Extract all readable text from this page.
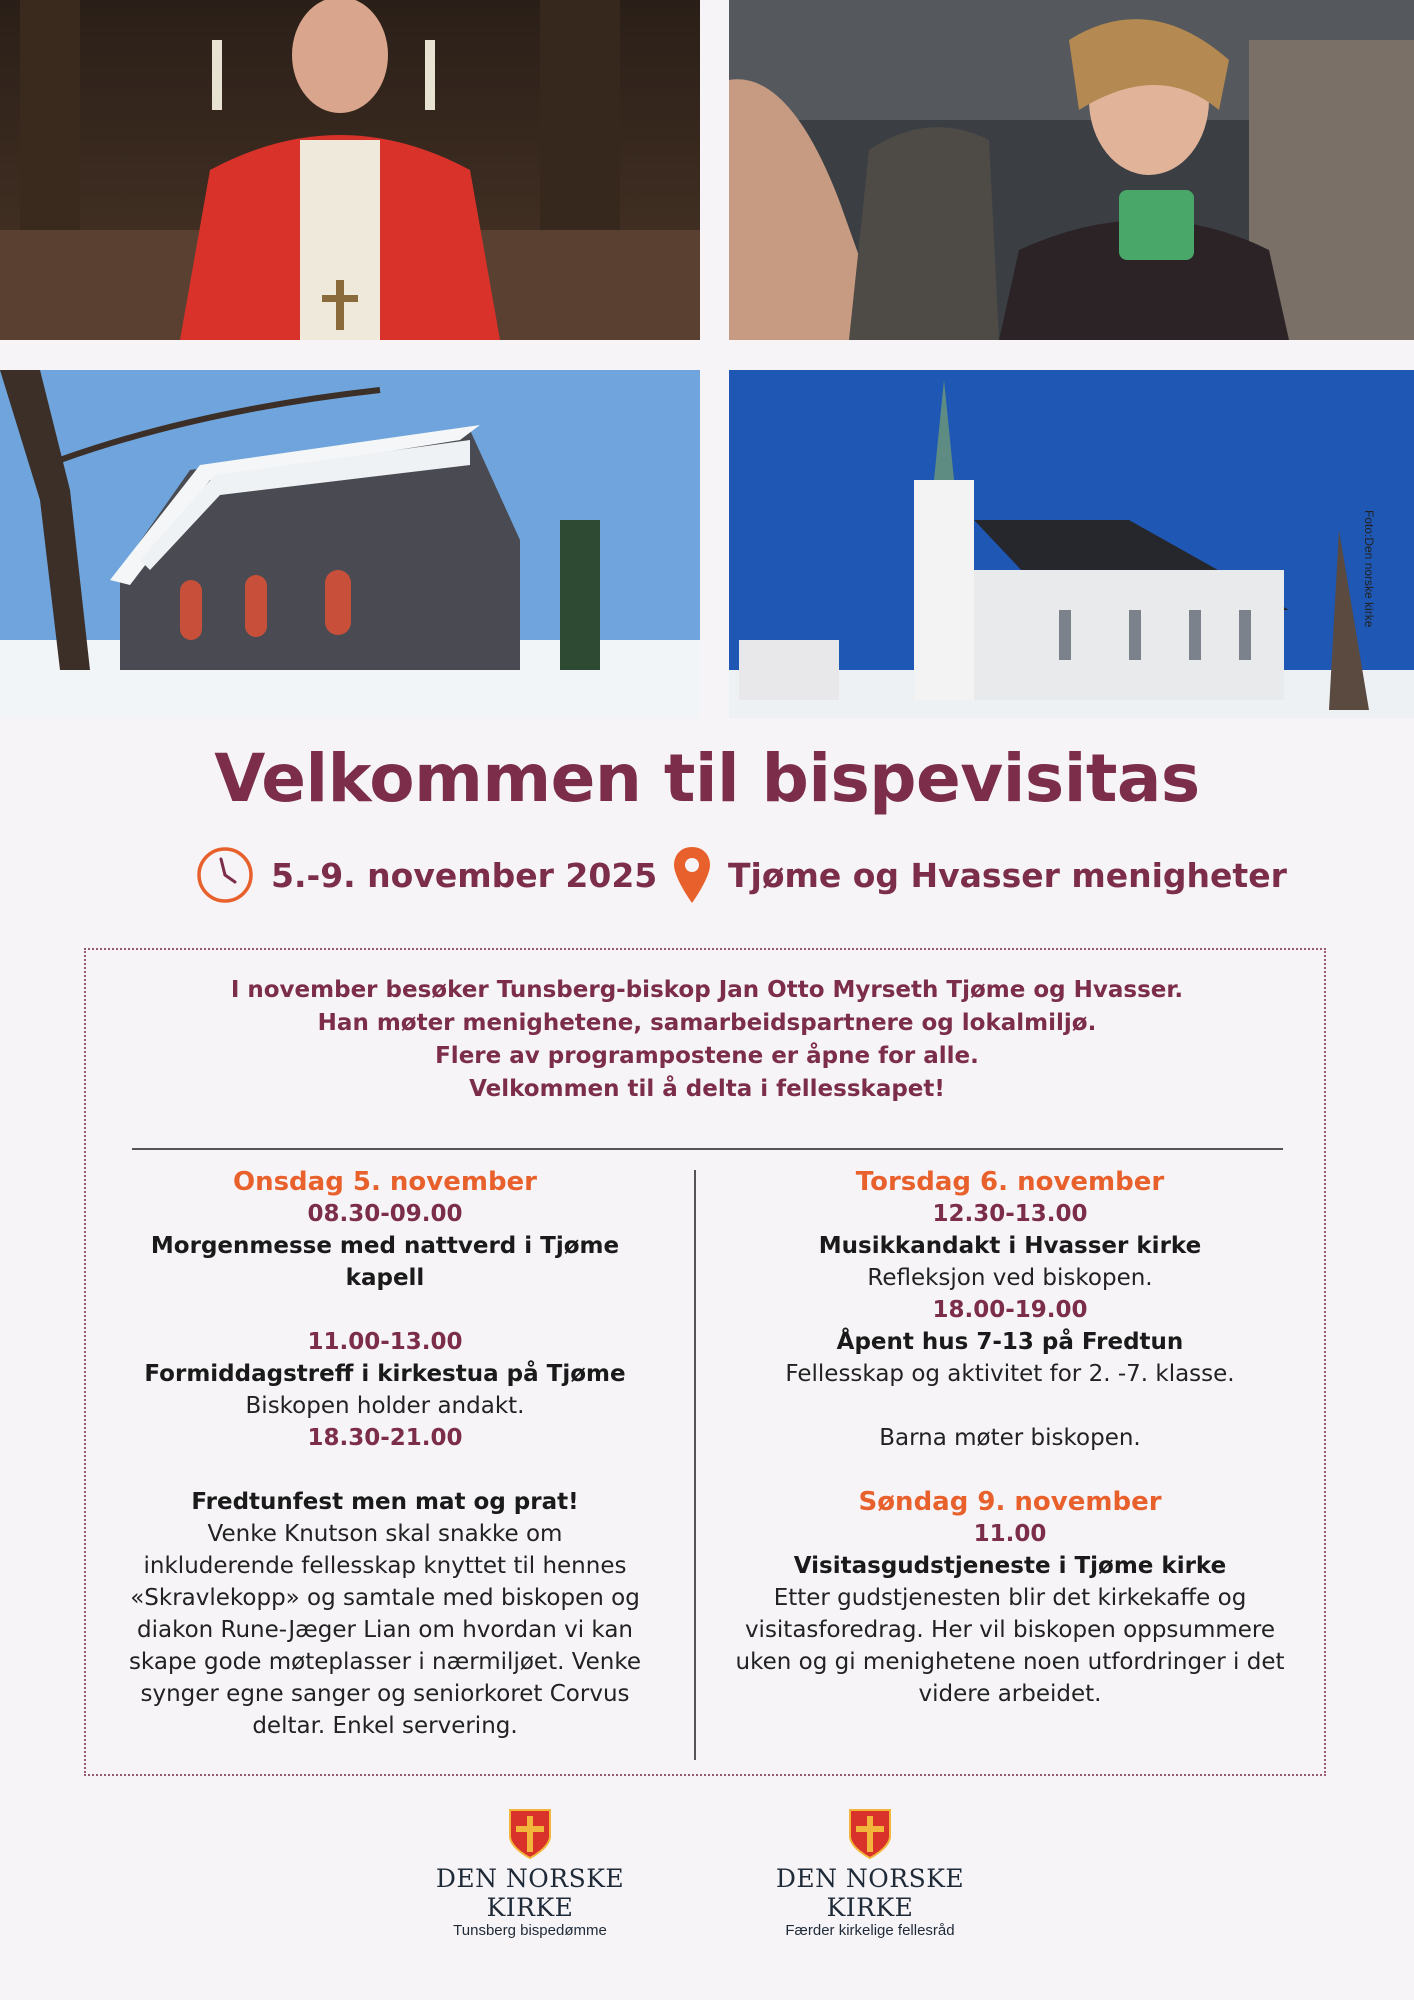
Foto:Den norske kirke
Velkommen til bispevisitas
5.-9. november 2025 Tjøme og Hvasser menigheter
I november besøker Tunsberg-biskop Jan Otto Myrseth Tjøme og Hvasser.
Han møter menighetene, samarbeidspartnere og lokalmiljø.
Flere av programpostene er åpne for alle.
Velkommen til å delta i fellesskapet!
Onsdag 5. november
08.30-09.00
Morgenmesse med nattverd i Tjøme kapell
11.00-13.00
Formiddagstreff i kirkestua på Tjøme
Biskopen holder andakt.
18.30-21.00
Fredtunfest men mat og prat!
Venke Knutson skal snakke om
inkluderende fellesskap knyttet til hennes
«Skravlekopp» og samtale med biskopen og
diakon Rune-Jæger Lian om hvordan vi kan
skape gode møteplasser i nærmiljøet. Venke
synger egne sanger og seniorkoret Corvus
deltar. Enkel servering.
Torsdag 6. november
12.30-13.00
Musikkandakt i Hvasser kirke
Refleksjon ved biskopen.
18.00-19.00
Åpent hus 7-13 på Fredtun
Fellesskap og aktivitet for 2. -7. klasse.
Barna møter biskopen.
Søndag 9. november
11.00
Visitasgudstjeneste i Tjøme kirke
Etter gudstjenesten blir det kirkekaffe og
visitasforedrag. Her vil biskopen oppsummere
uken og gi menighetene noen utfordringer i det
videre arbeidet.
DEN NORSKE KIRKE
Tunsberg bispedømme
DEN NORSKE KIRKE
Færder kirkelige fellesråd
